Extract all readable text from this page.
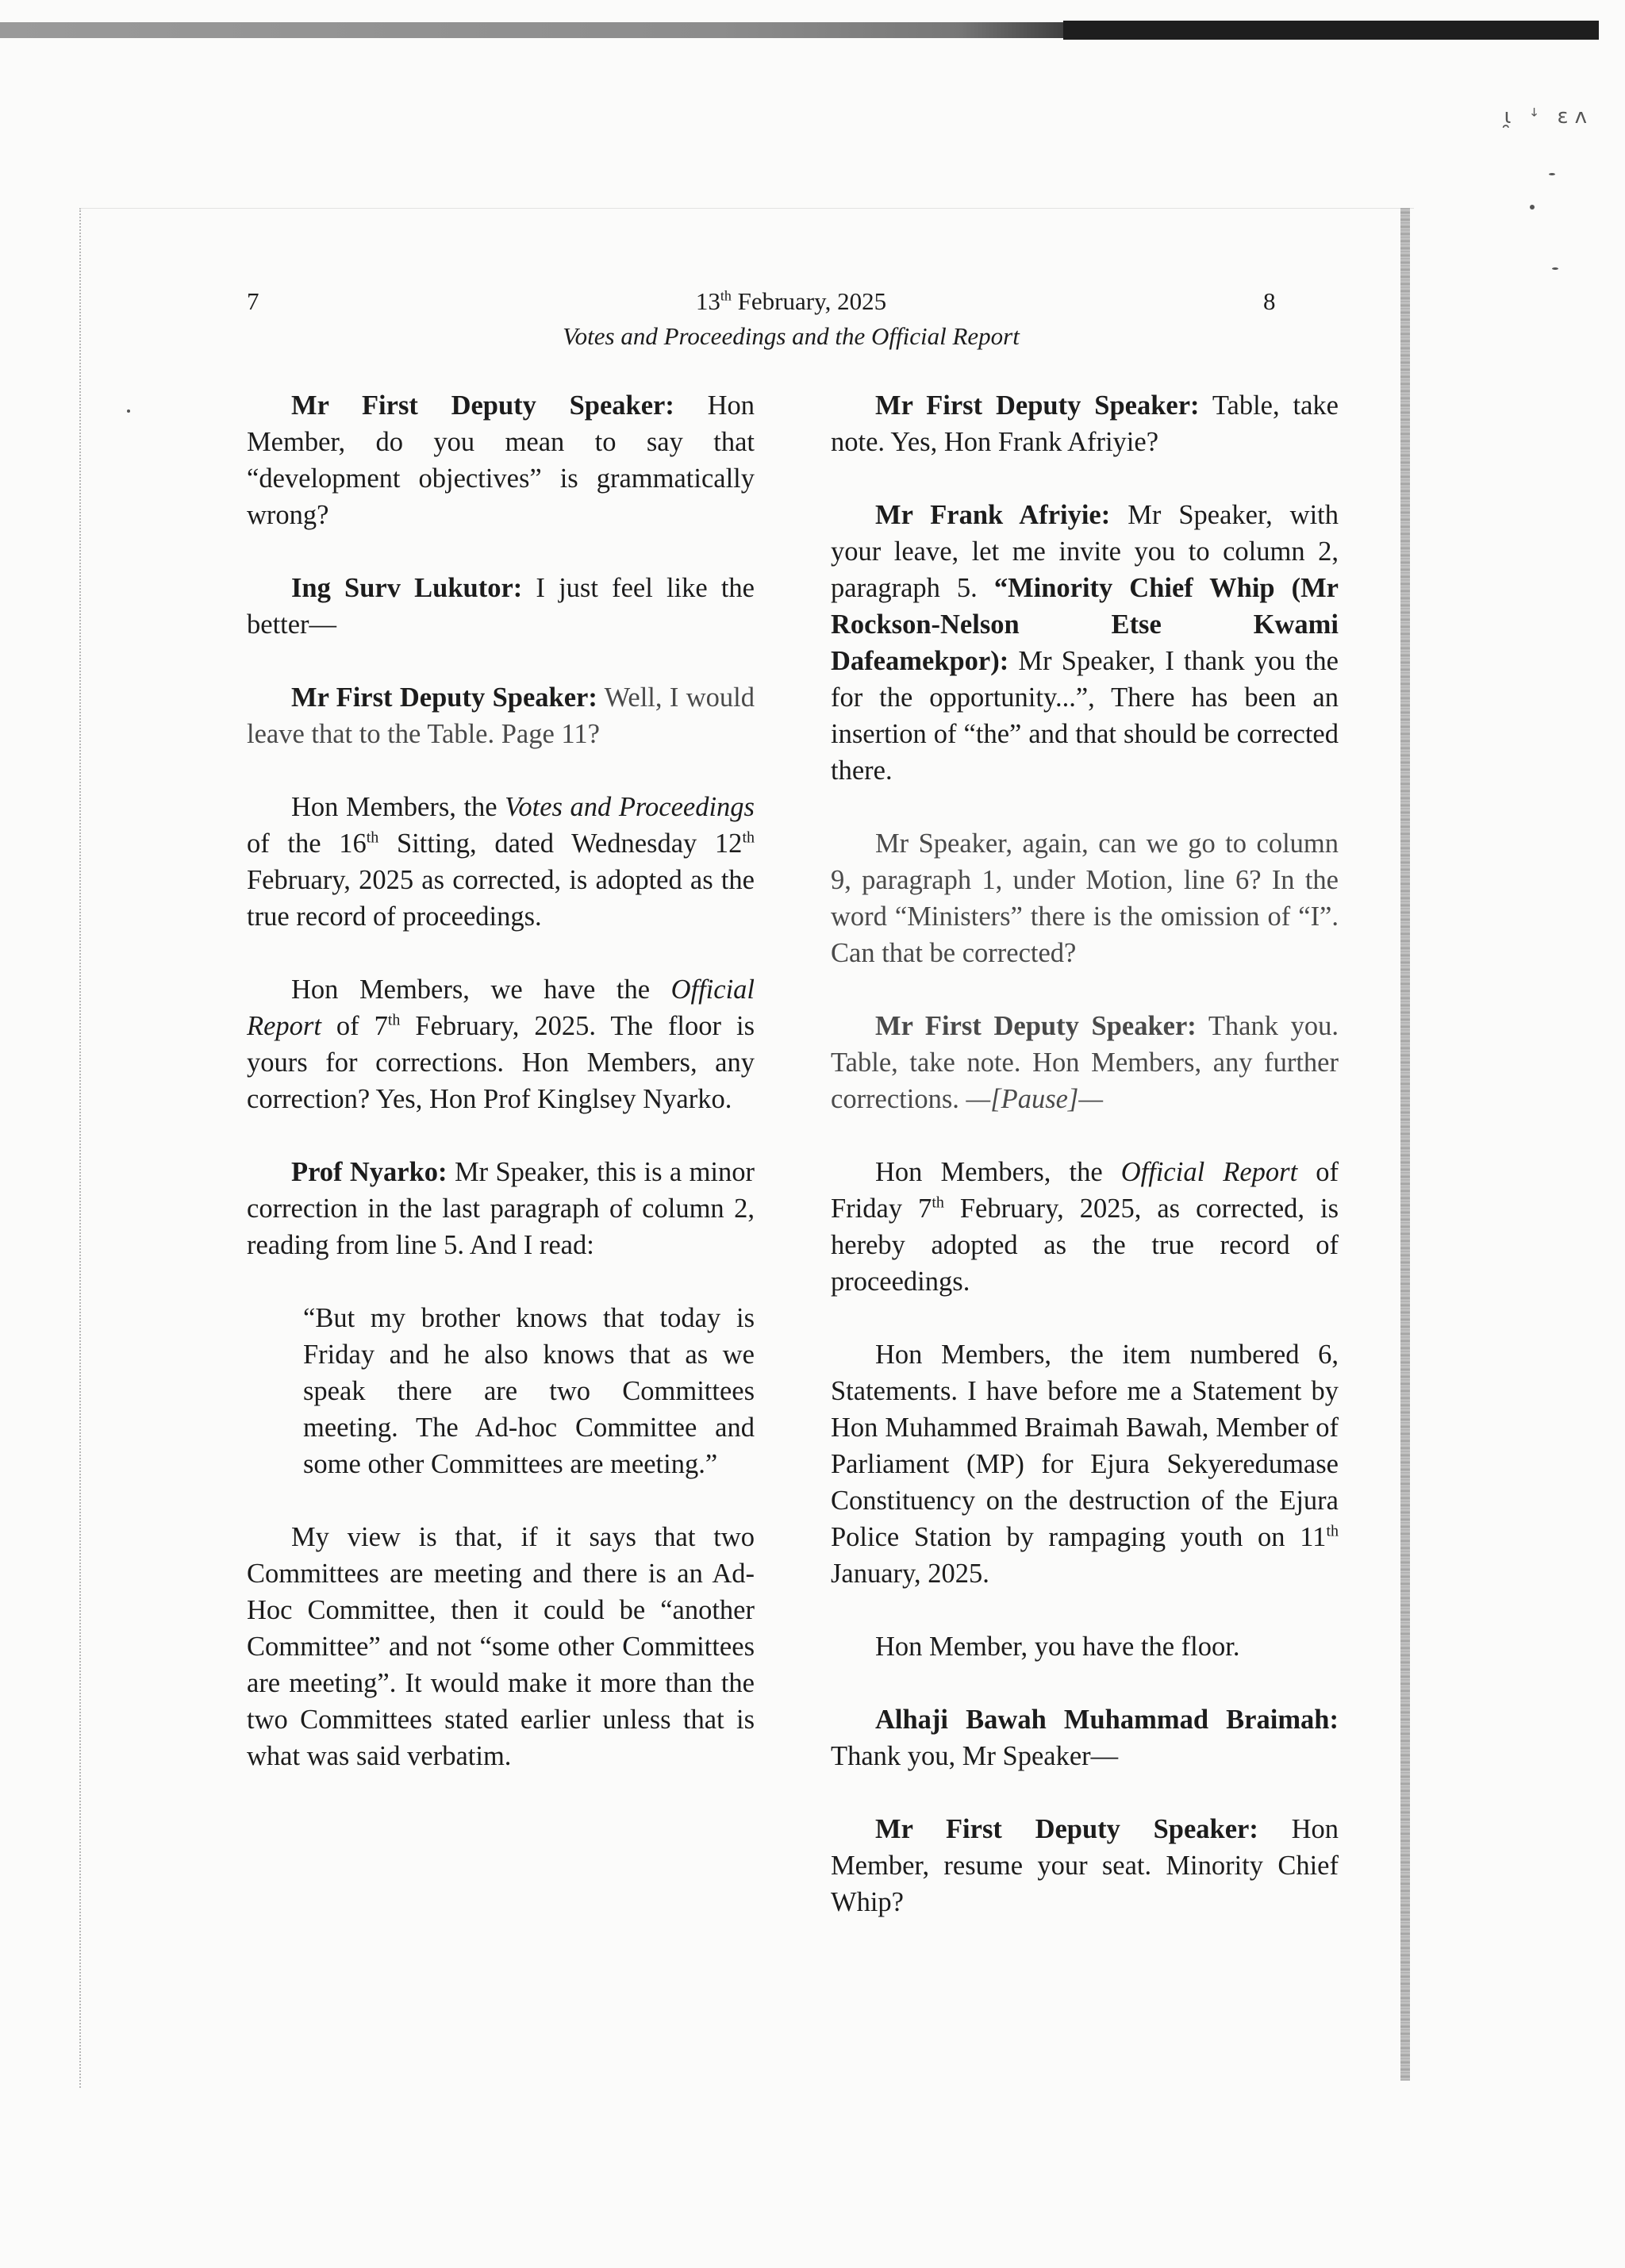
ι̯ ꜜ ɛʌ
7	13th February, 2025
Votes and Proceedings and the Official Report
8

Mr First Deputy Speaker: Hon Member, do you mean to say that “development objectives” is grammatically wrong?

Ing Surv Lukutor: I just feel like the better—

Mr First Deputy Speaker: Well, I would leave that to the Table. Page 11?

Hon Members, the Votes and Proceedings of the 16th Sitting, dated Wednesday 12th February, 2025 as corrected, is adopted as the true record of proceedings.

Hon Members, we have the Official Report of 7th February, 2025. The floor is yours for corrections. Hon Members, any correction? Yes, Hon Prof Kinglsey Nyarko.

Prof Nyarko: Mr Speaker, this is a minor correction in the last paragraph of column 2, reading from line 5. And I read:

“But my brother knows that today is Friday and he also knows that as we speak there are two Committees meeting. The Ad-hoc Committee and some other Committees are meeting.”

My view is that, if it says that two Committees are meeting and there is an Ad-Hoc Committee, then it could be “another Committee” and not “some other Committees are meeting”. It would make it more than the two Committees stated earlier unless that is what was said verbatim.

Mr First Deputy Speaker: Table, take note. Yes, Hon Frank Afriyie?

Mr Frank Afriyie: Mr Speaker, with your leave, let me invite you to column 2, paragraph 5. “Minority Chief Whip (Mr Rockson-Nelson Etse Kwami Dafeamekpor): Mr Speaker, I thank you the for the opportunity...”, There has been an insertion of “the” and that should be corrected there.

Mr Speaker, again, can we go to column 9, paragraph 1, under Motion, line 6? In the word “Ministers” there is the omission of “I”. Can that be corrected?

Mr First Deputy Speaker: Thank you. Table, take note. Hon Members, any further corrections. —[Pause]—

Hon Members, the Official Report of Friday 7th February, 2025, as corrected, is hereby adopted as the true record of proceedings.

Hon Members, the item numbered 6, Statements. I have before me a Statement by Hon Muhammed Braimah Bawah, Member of Parliament (MP) for Ejura Sekyeredumase Constituency on the destruction of the Ejura Police Station by rampaging youth on 11th January, 2025.

Hon Member, you have the floor.

Alhaji Bawah Muhammad Braimah: Thank you, Mr Speaker—

Mr First Deputy Speaker: Hon Member, resume your seat. Minority Chief Whip?
